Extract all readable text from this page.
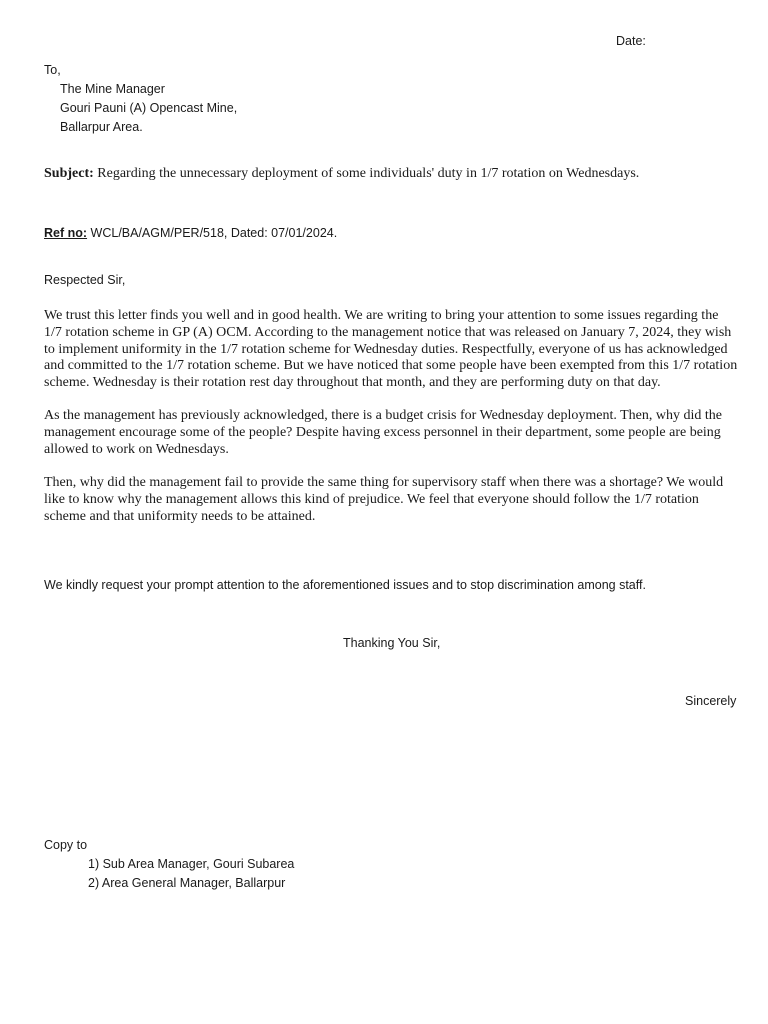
Date:
To,
The Mine Manager
Gouri Pauni (A) Opencast Mine,
Ballarpur Area.
Subject: Regarding the unnecessary deployment of some individuals' duty in 1/7 rotation on Wednesdays.
Ref no: WCL/BA/AGM/PER/518, Dated: 07/01/2024.
Respected Sir,
We trust this letter finds you well and in good health. We are writing to bring your attention to some issues regarding the 1/7 rotation scheme in GP (A) OCM. According to the management notice that was released on January 7, 2024, they wish to implement uniformity in the 1/7 rotation scheme for Wednesday duties. Respectfully, everyone of us has acknowledged and committed to the 1/7 rotation scheme. But we have noticed that some people have been exempted from this 1/7 rotation scheme. Wednesday is their rotation rest day throughout that month, and they are performing duty on that day.
As the management has previously acknowledged, there is a budget crisis for Wednesday deployment. Then, why did the management encourage some of the people? Despite having excess personnel in their department, some people are being allowed to work on Wednesdays.
Then, why did the management fail to provide the same thing for supervisory staff when there was a shortage? We would like to know why the management allows this kind of prejudice. We feel that everyone should follow the 1/7 rotation scheme and that uniformity needs to be attained.
We kindly request your prompt attention to the aforementioned issues and to stop discrimination among staff.
Thanking You Sir,
Sincerely
Copy to
1) Sub Area Manager, Gouri Subarea
2) Area General Manager, Ballarpur
